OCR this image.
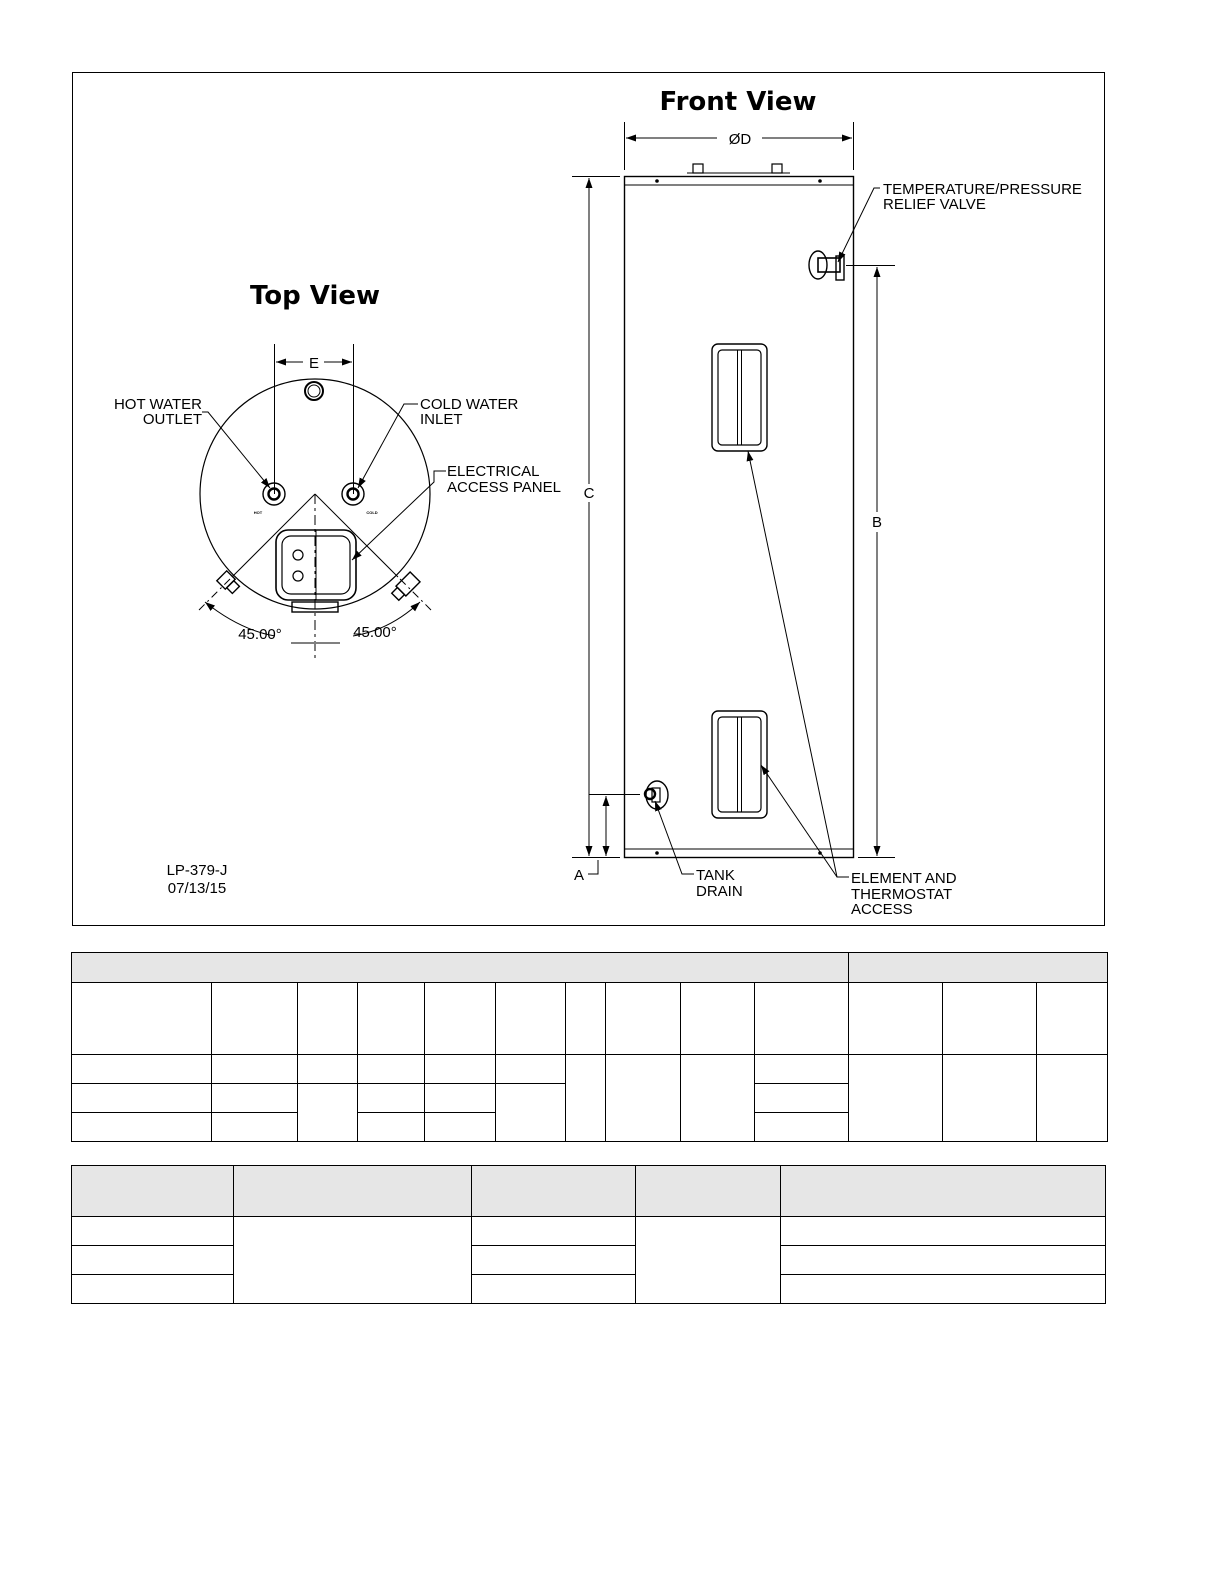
Top View
E
HOT WATER
OUTLET
COLD WATER
INLET
ELECTRICAL
ACCESS PANEL
HOT	COLD
45.00°	45.00°
LP-379-J
07/13/15
Front View
ØD
C
B
A
TEMPERATURE/PRESSURE
RELIEF VALVE
TANK
DRAIN
ELEMENT AND
THERMOSTAT
ACCESS
